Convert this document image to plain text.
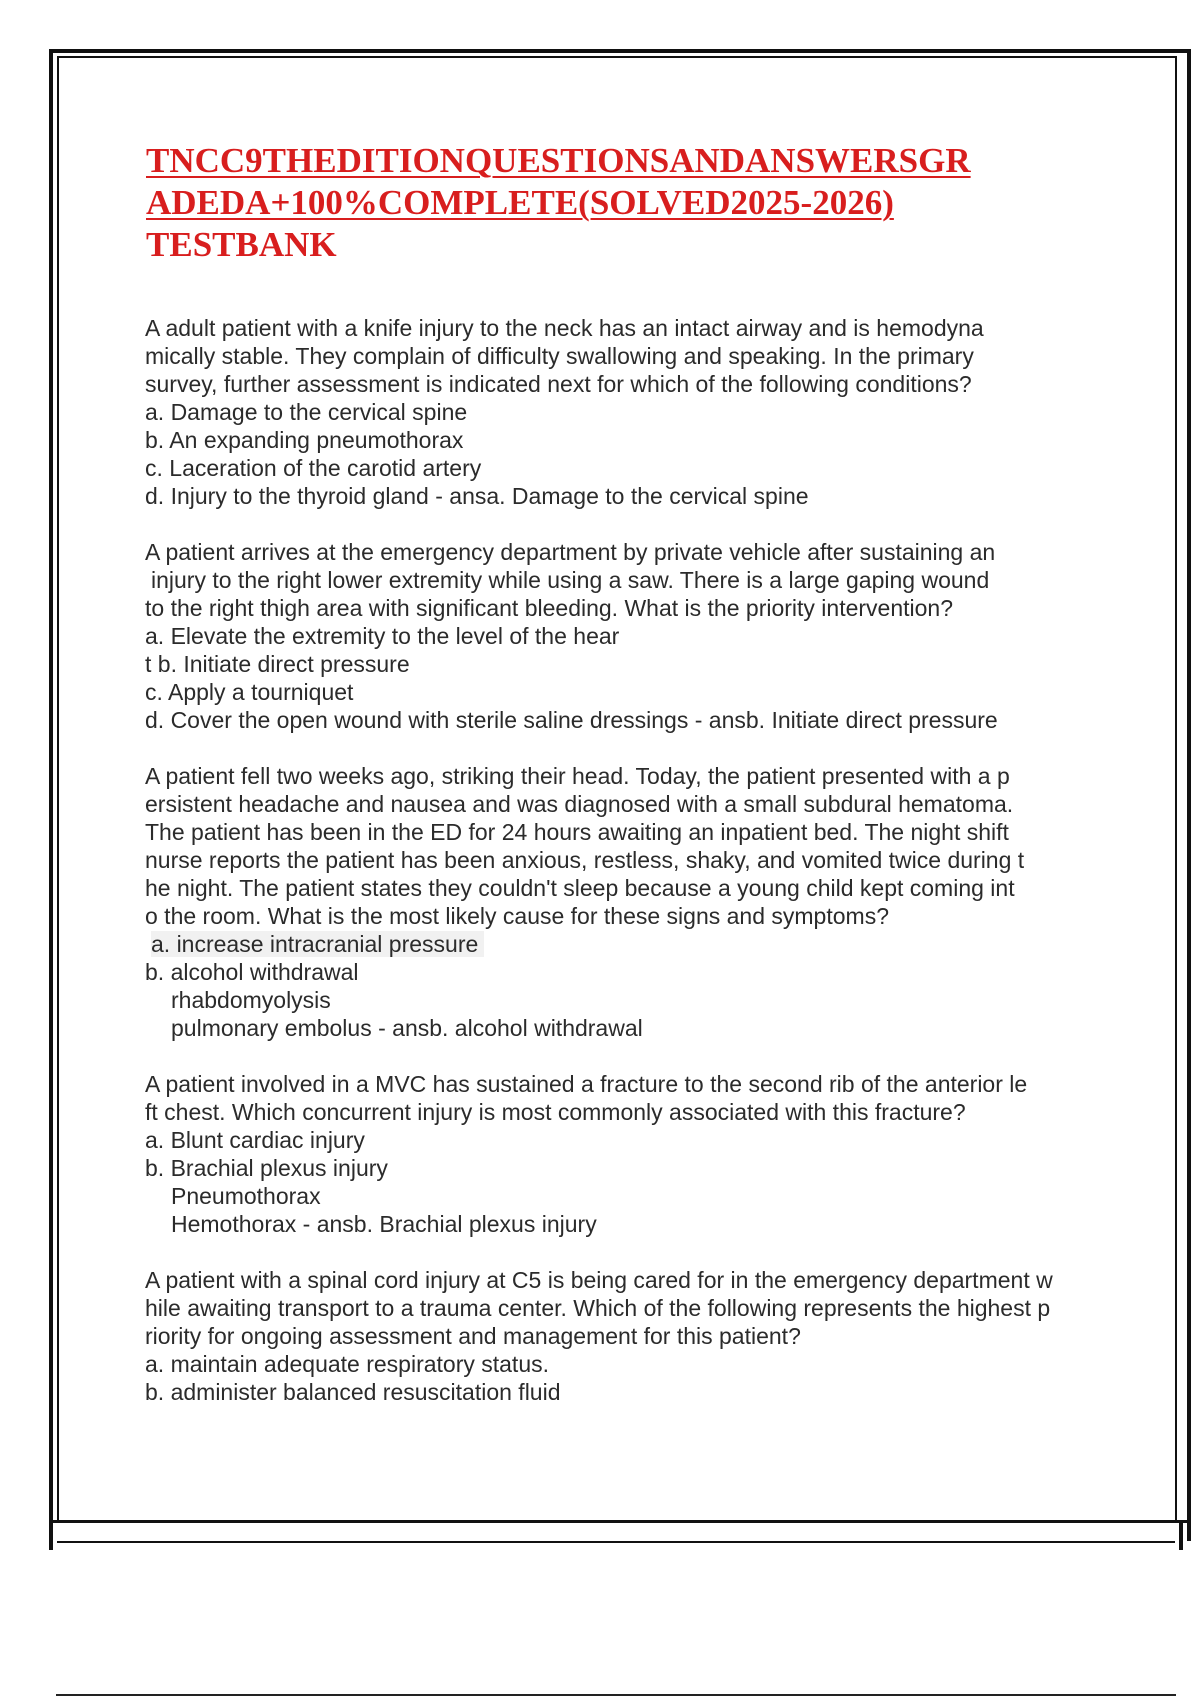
TNCC9THEDITIONQUESTIONSANDANSWERSGR
ADEDA+100%COMPLETE(SOLVED2025-2026)
TESTBANK
A adult patient with a knife injury to the neck has an intact airway and is hemodyna
mically stable. They complain of difficulty swallowing and speaking. In the primary
survey, further assessment is indicated next for which of the following conditions?
a. Damage to the cervical spine
b. An expanding pneumothorax
c. Laceration of the carotid artery
d. Injury to the thyroid gland - ansa. Damage to the cervical spine
A patient arrives at the emergency department by private vehicle after sustaining an
injury to the right lower extremity while using a saw. There is a large gaping wound
to the right thigh area with significant bleeding. What is the priority intervention?
a. Elevate the extremity to the level of the hear
t b. Initiate direct pressure
c. Apply a tourniquet
d. Cover the open wound with sterile saline dressings - ansb. Initiate direct pressure
A patient fell two weeks ago, striking their head. Today, the patient presented with a p
ersistent headache and nausea and was diagnosed with a small subdural hematoma.
The patient has been in the ED for 24 hours awaiting an inpatient bed. The night shift
nurse reports the patient has been anxious, restless, shaky, and vomited twice during t
he night. The patient states they couldn't sleep because a young child kept coming int
o the room. What is the most likely cause for these signs and symptoms?
a. increase intracranial pressure
b. alcohol withdrawal
rhabdomyolysis
pulmonary embolus - ansb. alcohol withdrawal
A patient involved in a MVC has sustained a fracture to the second rib of the anterior le
ft chest. Which concurrent injury is most commonly associated with this fracture?
a. Blunt cardiac injury
b. Brachial plexus injury
Pneumothorax
Hemothorax - ansb. Brachial plexus injury
A patient with a spinal cord injury at C5 is being cared for in the emergency department w
hile awaiting transport to a trauma center. Which of the following represents the highest p
riority for ongoing assessment and management for this patient?
a. maintain adequate respiratory status.
b. administer balanced resuscitation fluid
